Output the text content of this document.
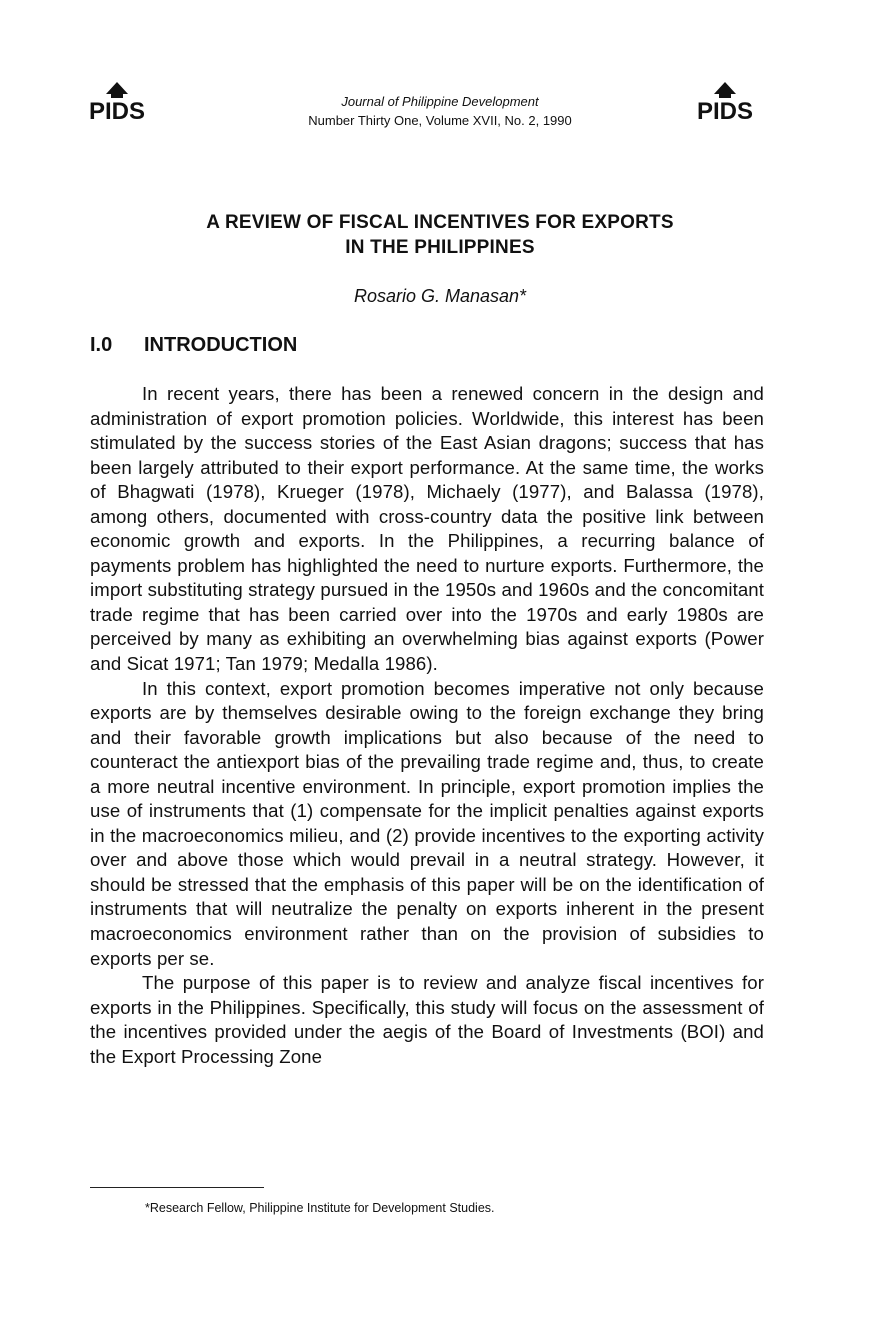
PIDS	Journal of Philippine Development
Number Thirty One, Volume XVII, No. 2, 1990	PIDS
A REVIEW OF FISCAL INCENTIVES FOR EXPORTS
IN THE PHILIPPINES
Rosario G. Manasan*
I.0 INTRODUCTION

In recent years, there has been a renewed concern in the design and administration of export promotion policies. Worldwide, this interest has been stimulated by the success stories of the East Asian dragons; success that has been largely attributed to their export performance. At the same time, the works of Bhagwati (1978), Krueger (1978), Michaely (1977), and Balassa (1978), among others, documented with cross-country data the positive link between economic growth and exports. In the Philippines, a recurring balance of payments problem has highlighted the need to nurture exports. Furthermore, the import substituting strategy pursued in the 1950s and 1960s and the concomitant trade regime that has been carried over into the 1970s and early 1980s are perceived by many as exhibiting an overwhelming bias against exports (Power and Sicat 1971; Tan 1979; Medalla 1986).

In this context, export promotion becomes imperative not only because exports are by themselves desirable owing to the foreign exchange they bring and their favorable growth implications but also because of the need to counteract the antiexport bias of the prevailing trade regime and, thus, to create a more neutral incentive environment. In principle, export promotion implies the use of instruments that (1) compensate for the implicit penalties against exports in the macroeconomics milieu, and (2) provide incentives to the exporting activity over and above those which would prevail in a neutral strategy. However, it should be stressed that the emphasis of this paper will be on the identification of instruments that will neutralize the penalty on exports inherent in the present macroeconomics environment rather than on the provision of subsidies to exports per se.

The purpose of this paper is to review and analyze fiscal incentives for exports in the Philippines. Specifically, this study will focus on the assessment of the incentives provided under the aegis of the Board of Investments (BOI) and the Export Processing Zone

*Research Fellow, Philippine Institute for Development Studies.
